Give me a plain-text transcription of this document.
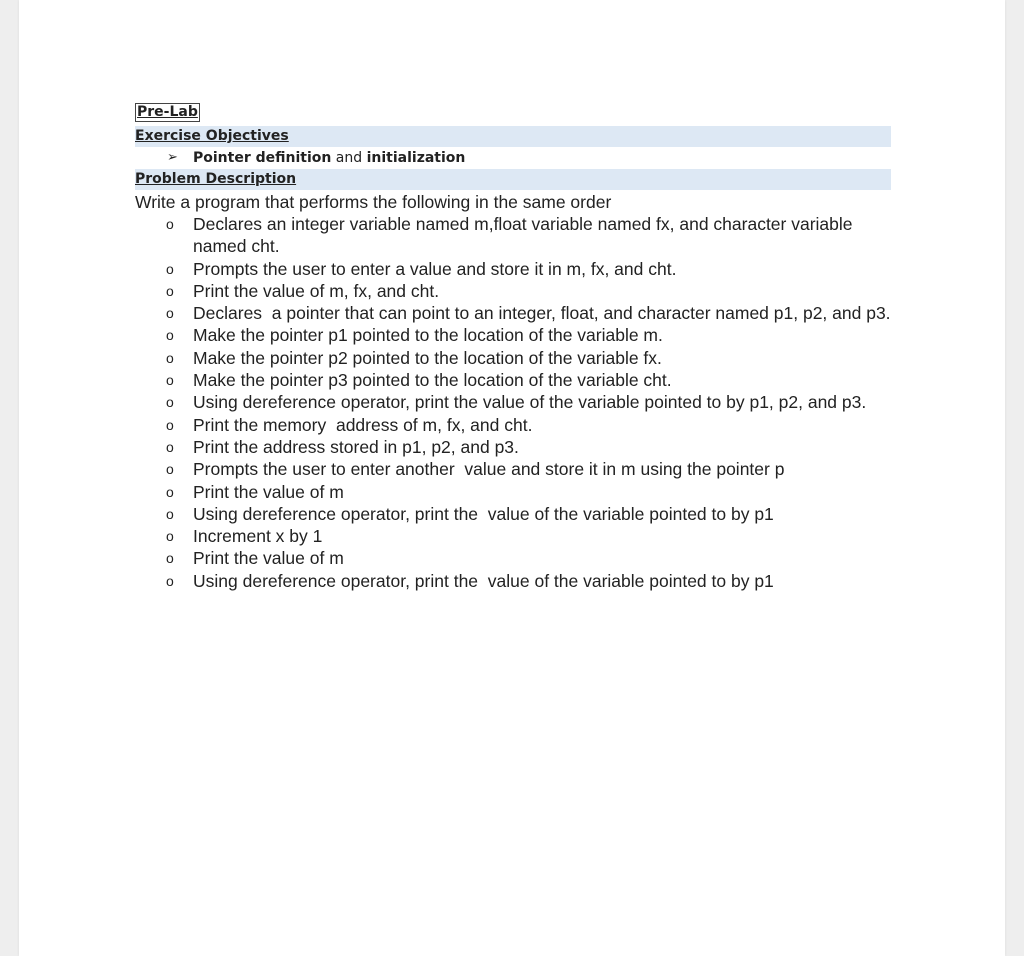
Pre-Lab
Exercise Objectives
➢ Pointer definition and initialization
Problem Description
Write a program that performs the following in the same order
o Declares an integer variable named m,float variable named fx, and character variable named cht.
o Prompts the user to enter a value and store it in m, fx, and cht.
o Print the value of m, fx, and cht.
o Declares  a pointer that can point to an integer, float, and character named p1, p2, and p3.
o Make the pointer p1 pointed to the location of the variable m.
o Make the pointer p2 pointed to the location of the variable fx.
o Make the pointer p3 pointed to the location of the variable cht.
o Using dereference operator, print the value of the variable pointed to by p1, p2, and p3.
o Print the memory  address of m, fx, and cht.
o Print the address stored in p1, p2, and p3.
o Prompts the user to enter another  value and store it in m using the pointer p
o Print the value of m
o Using dereference operator, print the  value of the variable pointed to by p1
o Increment x by 1
o Print the value of m
o Using dereference operator, print the  value of the variable pointed to by p1
